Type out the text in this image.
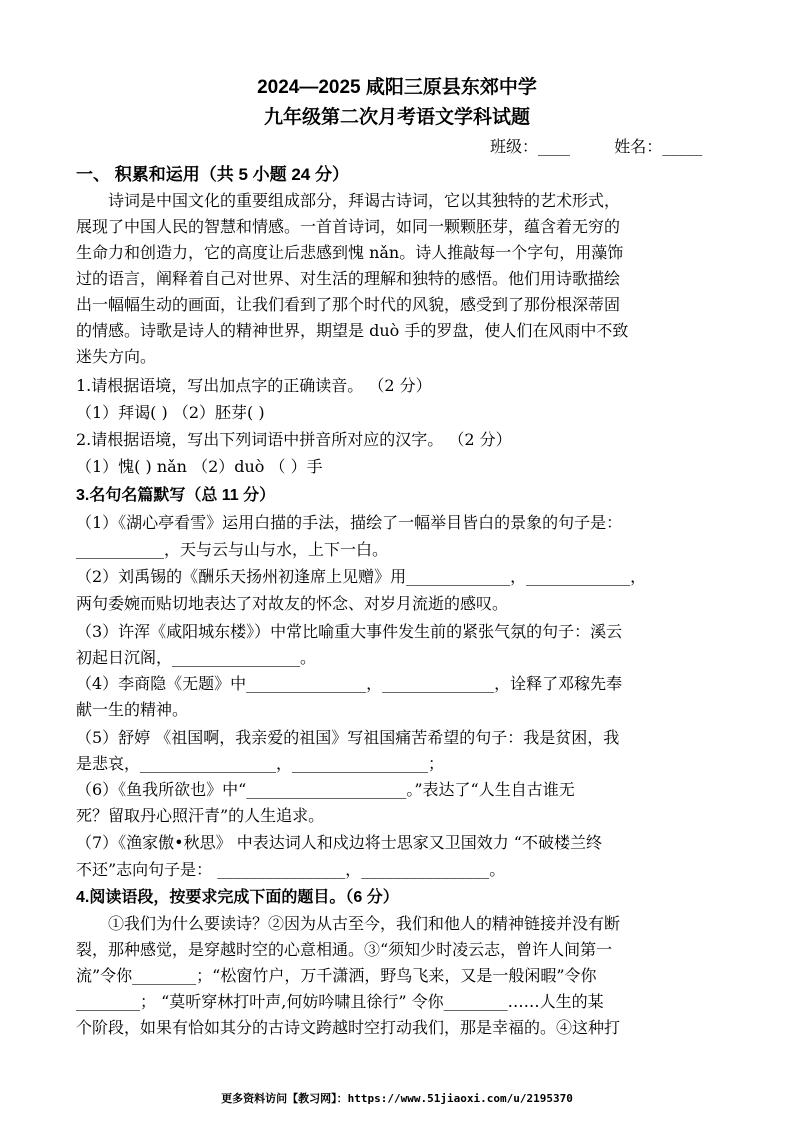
2024—2025 咸阳三原县东郊中学
九年级第二次月考语文学科试题
班级：____	姓名：_____
一、 积累和运用（共 5 小题 24 分）
　　诗词是中国文化的重要组成部分，拜谒古诗词，它以其独特的艺术形式，
展现了中国人民的智慧和情感。一首首诗词，如同一颗颗胚芽，蕴含着无穷的
生命力和创造力，它的高度让后悲感到愧 nǎn。诗人推敲每一个字句，用藻饰
过的语言，阐释着自己对世界、对生活的理解和独特的感悟。他们用诗歌描绘
出一幅幅生动的画面，让我们看到了那个时代的风貌，感受到了那份根深蒂固
的情感。诗歌是诗人的精神世界，期望是 duò 手的罗盘，使人们在风雨中不致
迷失方向。
1.请根据语境，写出加点字的正确读音。 （2 分）
（1）拜谒( ) （2）胚芽( )
2.请根据语境，写出下列词语中拼音所对应的汉字。 （2 分）
（1）愧( ) nǎn （2）duò （ ）手
3.名句名篇默写（总 11 分）
（1）《湖心亭看雪》运用白描的手法，描绘了一幅举目皆白的景象的句子是：
___________，天与云与山与水，上下一白。
（2）刘禹锡的《酬乐天扬州初逢席上见赠》用_____________，_____________，
两句委婉而贴切地表达了对故友的怀念、对岁月流逝的感叹。
（3）许浑《咸阳城东楼》）中常比喻重大事件发生前的紧张气氛的句子：溪云
初起日沉阁，________________。
（4）李商隐《无题》中_______________，______________，诠释了邓稼先奉
献一生的精神。
（5）舒婷 《祖国啊，我亲爱的祖国》写祖国痛苦希望的句子：我是贫困，我
是悲哀，_________________，_________________；
（6）《鱼我所欲也》中“____________________。”表达了“人生自古谁无
死？留取丹心照汗青”的人生追求。
（7）《渔家傲•秋思》 中表达词人和戍边将士思家又卫国效力 “不破楼兰终
不还”志向句子是： ________________，________________。
4.阅读语段，按要求完成下面的题目。（6 分）
　　①我们为什么要读诗？②因为从古至今，我们和他人的精神链接并没有断
裂，那种感觉，是穿越时空的心意相通。③“须知少时凌云志，曾许人间第一
流”令你________；“松窗竹户，万千潇洒，野鸟飞来，又是一般闲暇”令你
________； “莫听穿林打叶声,何妨吟啸且徐行” 令你________……人生的某
个阶段，如果有恰如其分的古诗文跨越时空打动我们，那是幸福的。④这种打
更多资料访问【教习网】：https://www.51jiaoxi.com/u/2195370
